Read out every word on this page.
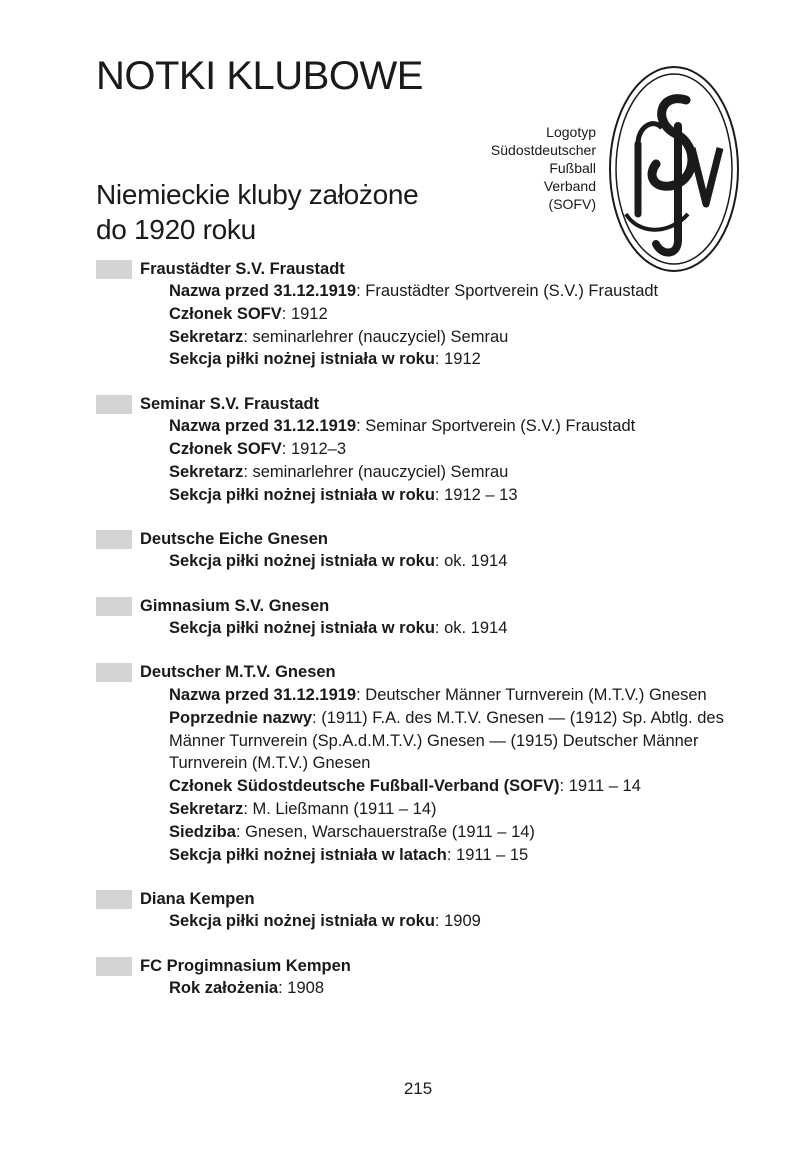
NOTKI KLUBOWE
Niemieckie kluby założone
do 1920 roku
Logotyp
Südostdeutscher
Fußball
Verband
(SOFV)
Fraustädter S.V. Fraustadt
Nazwa przed 31.12.1919: Fraustädter Sportverein (S.V.) Fraustadt
Członek SOFV: 1912
Sekretarz: seminarlehrer (nauczyciel) Semrau
Sekcja piłki nożnej istniała w roku: 1912
Seminar S.V. Fraustadt
Nazwa przed 31.12.1919: Seminar Sportverein (S.V.) Fraustadt
Członek SOFV: 1912–3
Sekretarz: seminarlehrer (nauczyciel) Semrau
Sekcja piłki nożnej istniała w roku: 1912 – 13
Deutsche Eiche Gnesen
Sekcja piłki nożnej istniała w roku: ok. 1914
Gimnasium S.V. Gnesen
Sekcja piłki nożnej istniała w roku: ok. 1914
Deutscher M.T.V. Gnesen
Nazwa przed 31.12.1919: Deutscher Männer Turnverein (M.T.V.) Gnesen
Poprzednie nazwy: (1911) F.A. des M.T.V. Gnesen — (1912) Sp. Abtlg. des Männer Turnverein (Sp.A.d.M.T.V.) Gnesen — (1915) Deutscher Männer Turnverein (M.T.V.) Gnesen
Członek Südostdeutsche Fußball-Verband (SOFV): 1911 – 14
Sekretarz: M. Ließmann (1911 – 14)
Siedziba: Gnesen, Warschauerstraße (1911 – 14)
Sekcja piłki nożnej istniała w latach: 1911 – 15
Diana Kempen
Sekcja piłki nożnej istniała w roku: 1909
FC Progimnasium Kempen
Rok założenia: 1908
215
